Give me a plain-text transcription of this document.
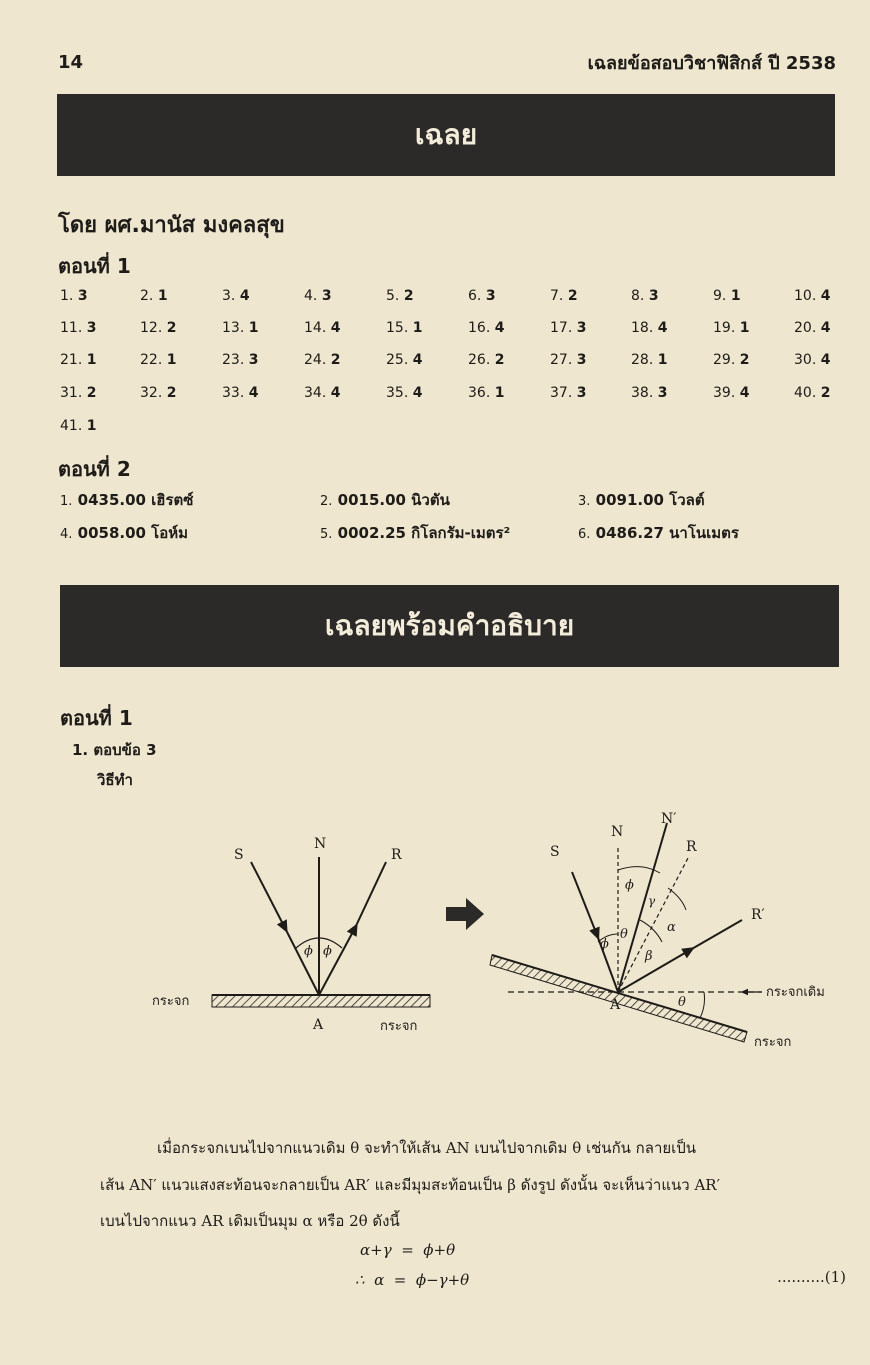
14	เฉลยข้อสอบวิชาฟิสิกส์ ปี 2538
เฉลย
โดย ผศ.มานัส มงคลสุข
ตอนที่ 1
1. 3	2. 1	3. 4	4. 3	5. 2	6. 3	7. 2	8. 3	9. 1	10. 4
11. 3	12. 2	13. 1	14. 4	15. 1	16. 4	17. 3	18. 4	19. 1	20. 4
21. 1	22. 1	23. 3	24. 2	25. 4	26. 2	27. 3	28. 1	29. 2	30. 4
31. 2	32. 2	33. 4	34. 4	35. 4	36. 1	37. 3	38. 3	39. 4	40. 2
41. 1
ตอนที่ 2
1. 0435.00 เฮิรตซ์	2. 0015.00 นิวตัน	3. 0091.00 โวลต์
4. 0058.00 โอห์ม	5. 0002.25 กิโลกรัม-เมตร²	6. 0486.27 นาโนเมตร
เฉลยพร้อมคำอธิบาย
ตอนที่ 1
1. ตอบข้อ 3
วิธีทำ
S
N
R
ϕ ϕ
A
กระจก
กระจก
S
N
N′
R
R′
A
ϕ
ϕ
θ
γ
α
β
θ
กระจกเดิม
กระจก
เมื่อกระจกเบนไปจากแนวเดิม θ จะทำให้เส้น AN เบนไปจากเดิม θ เช่นกัน กลายเป็น
เส้น AN′ แนวแสงสะท้อนจะกลายเป็น AR′ และมีมุมสะท้อนเป็น β ดังรูป ดังนั้น จะเห็นว่าแนว AR′
เบนไปจากแนว AR เดิมเป็นมุม α หรือ 2θ ดังนี้
α+γ  =  ϕ+θ
∴  α  =  ϕ−γ+θ	..........(1)
